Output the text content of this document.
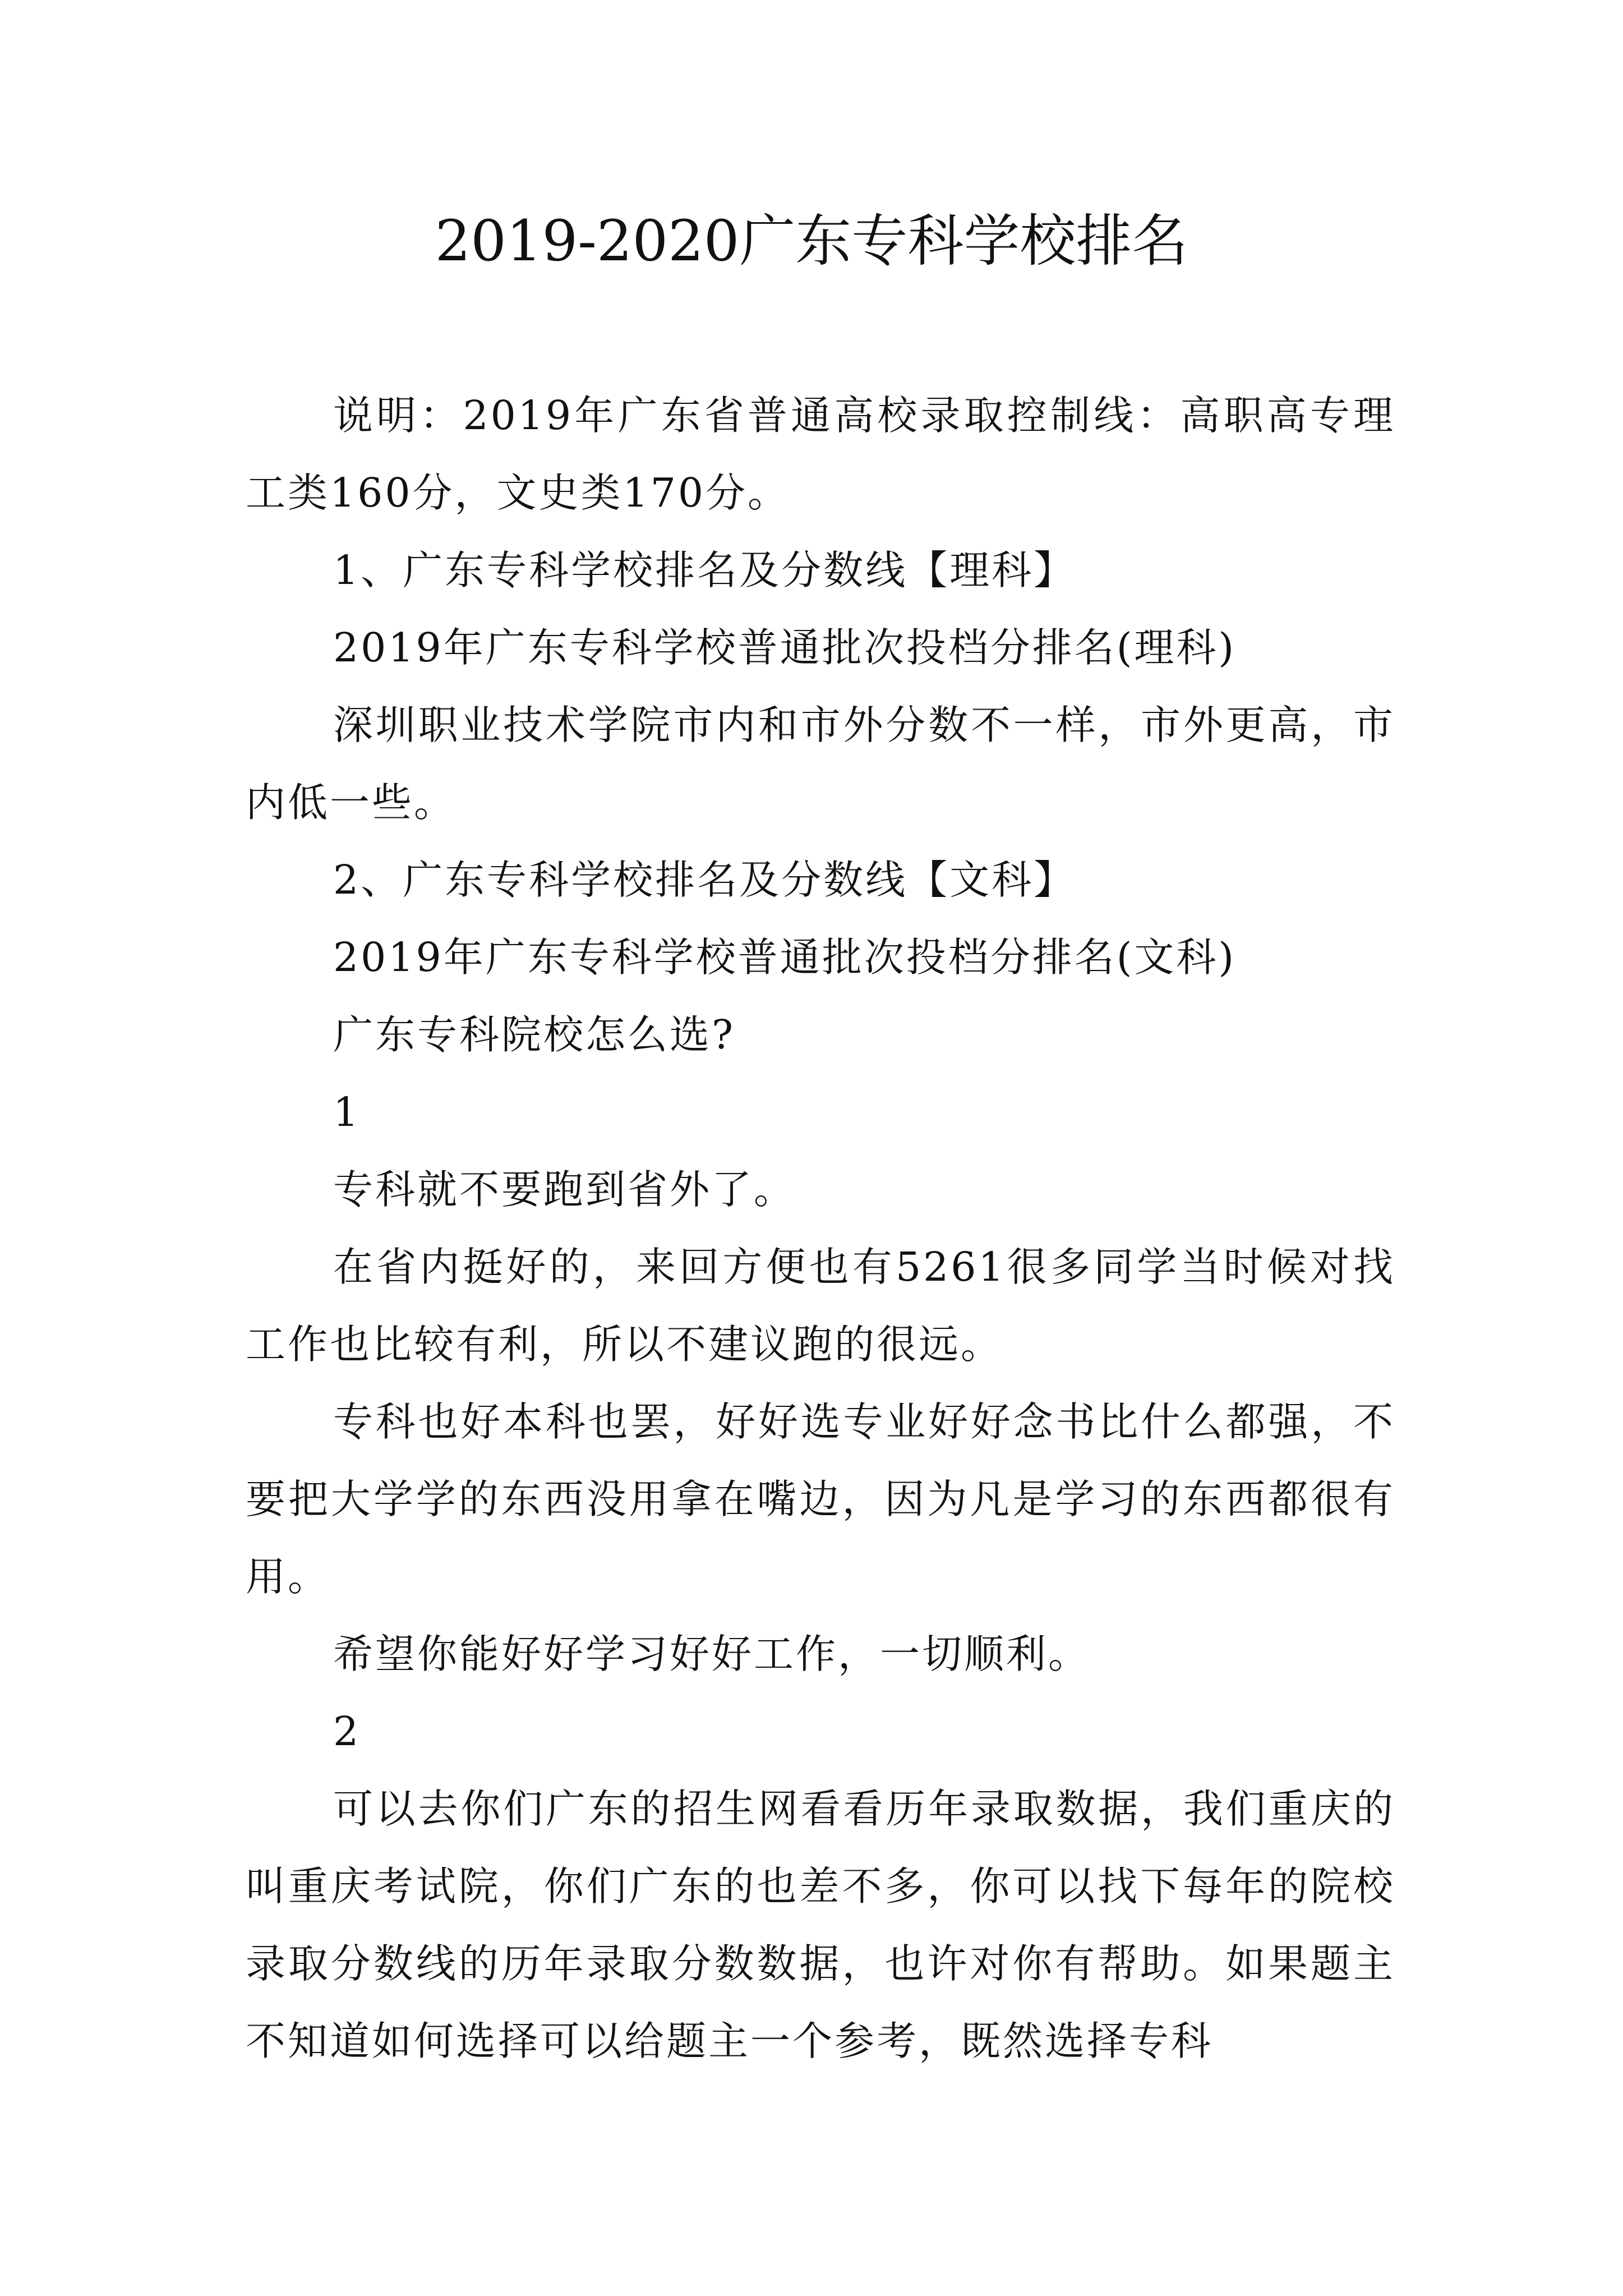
2019-2020广东专科学校排名

说明：2019年广东省普通高校录取控制线：高职高专理工类160分，文史类170分。

1、广东专科学校排名及分数线【理科】

2019年广东专科学校普通批次投档分排名(理科)

深圳职业技术学院市内和市外分数不一样，市外更高，市内低一些。

2、广东专科学校排名及分数线【文科】

2019年广东专科学校普通批次投档分排名(文科)

广东专科院校怎么选?

1

专科就不要跑到省外了。

在省内挺好的，来回方便也有5261很多同学当时候对找工作也比较有利，所以不建议跑的很远。

专科也好本科也罢，好好选专业好好念书比什么都强，不要把大学学的东西没用拿在嘴边，因为凡是学习的东西都很有用。

希望你能好好学习好好工作，一切顺利。

2

可以去你们广东的招生网看看历年录取数据，我们重庆的叫重庆考试院，你们广东的也差不多，你可以找下每年的院校录取分数线的历年录取分数数据，也许对你有帮助。如果题主不知道如何选择可以给题主一个参考，既然选择专科
